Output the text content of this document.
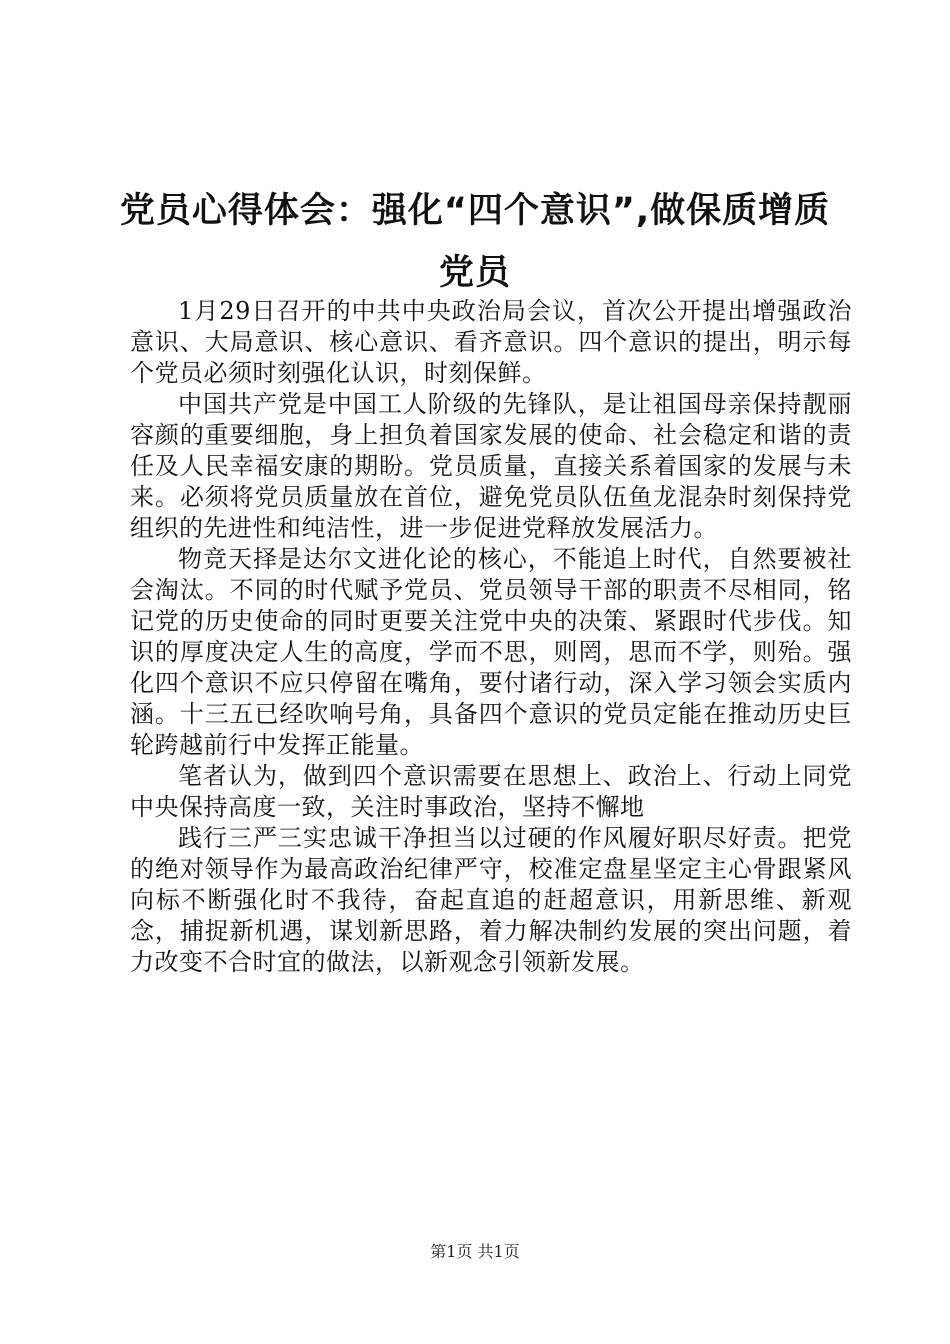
党员心得体会：强化“四个意识”,做保质增质党员

1月29日召开的中共中央政治局会议，首次公开提出增强政治意识、大局意识、核心意识、看齐意识。四个意识的提出，明示每个党员必须时刻强化认识，时刻保鲜。

中国共产党是中国工人阶级的先锋队，是让祖国母亲保持靓丽容颜的重要细胞，身上担负着国家发展的使命、社会稳定和谐的责任及人民幸福安康的期盼。党员质量，直接关系着国家的发展与未来。必须将党员质量放在首位，避免党员队伍鱼龙混杂时刻保持党组织的先进性和纯洁性，进一步促进党释放发展活力。

物竞天择是达尔文进化论的核心，不能追上时代，自然要被社会淘汰。不同的时代赋予党员、党员领导干部的职责不尽相同，铭记党的历史使命的同时更要关注党中央的决策、紧跟时代步伐。知识的厚度决定人生的高度，学而不思，则罔，思而不学，则殆。强化四个意识不应只停留在嘴角，要付诸行动，深入学习领会实质内涵。十三五已经吹响号角，具备四个意识的党员定能在推动历史巨轮跨越前行中发挥正能量。

笔者认为，做到四个意识需要在思想上、政治上、行动上同党中央保持高度一致，关注时事政治，坚持不懈地

践行三严三实忠诚干净担当以过硬的作风履好职尽好责。把党的绝对领导作为最高政治纪律严守，校准定盘星坚定主心骨跟紧风向标不断强化时不我待，奋起直追的赶超意识，用新思维、新观念，捕捉新机遇，谋划新思路，着力解决制约发展的突出问题，着力改变不合时宜的做法，以新观念引领新发展。

第1页 共1页
